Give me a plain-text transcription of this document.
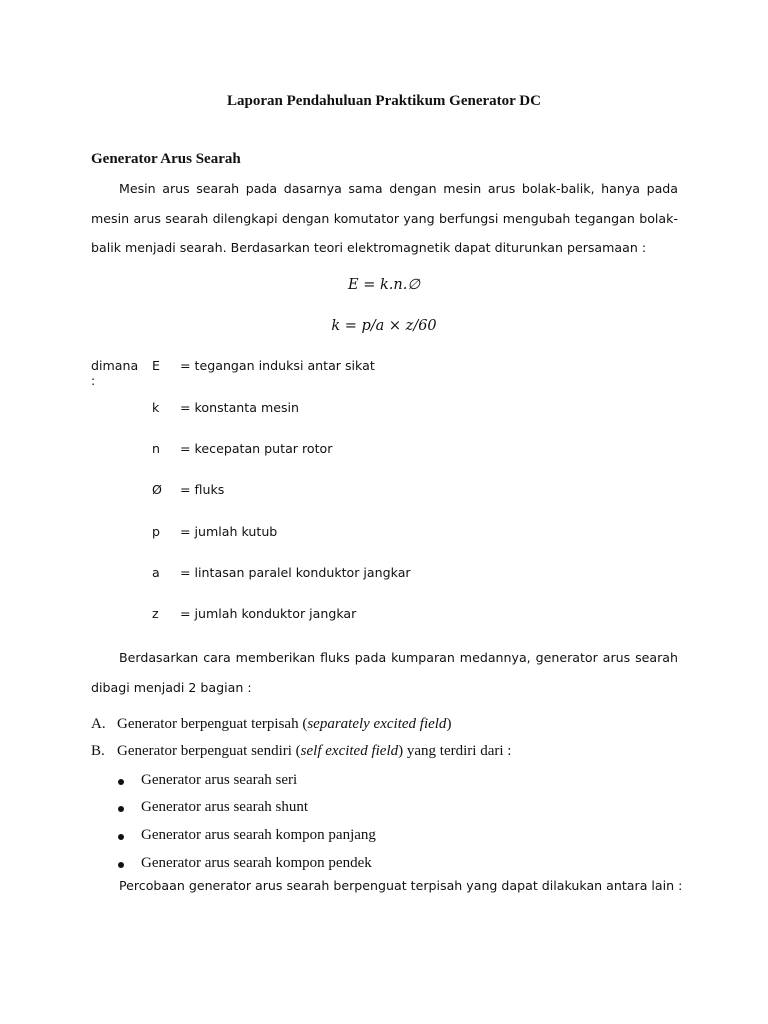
Laporan Pendahuluan Praktikum Generator DC
Generator Arus Searah
Mesin arus searah pada dasarnya sama dengan mesin arus bolak-balik, hanya pada mesin arus searah dilengkapi dengan komutator yang berfungsi mengubah tegangan bolak-balik menjadi searah. Berdasarkan teori elektromagnetik dapat diturunkan persamaan :
E = k.n.∅
k = p/a × z/60
dimana :
E = tegangan induksi antar sikat
k = konstanta mesin
n = kecepatan putar rotor
Ø = fluks
p = jumlah kutub
a = lintasan paralel konduktor jangkar
z = jumlah konduktor jangkar
Berdasarkan cara memberikan fluks pada kumparan medannya, generator arus searah dibagi menjadi 2 bagian :
A. Generator berpenguat terpisah (separately excited field)
B. Generator berpenguat sendiri (self excited field) yang terdiri dari :
Generator arus searah seri
Generator arus searah shunt
Generator arus searah kompon panjang
Generator arus searah kompon pendek
Percobaan generator arus searah berpenguat terpisah yang dapat dilakukan antara lain :
